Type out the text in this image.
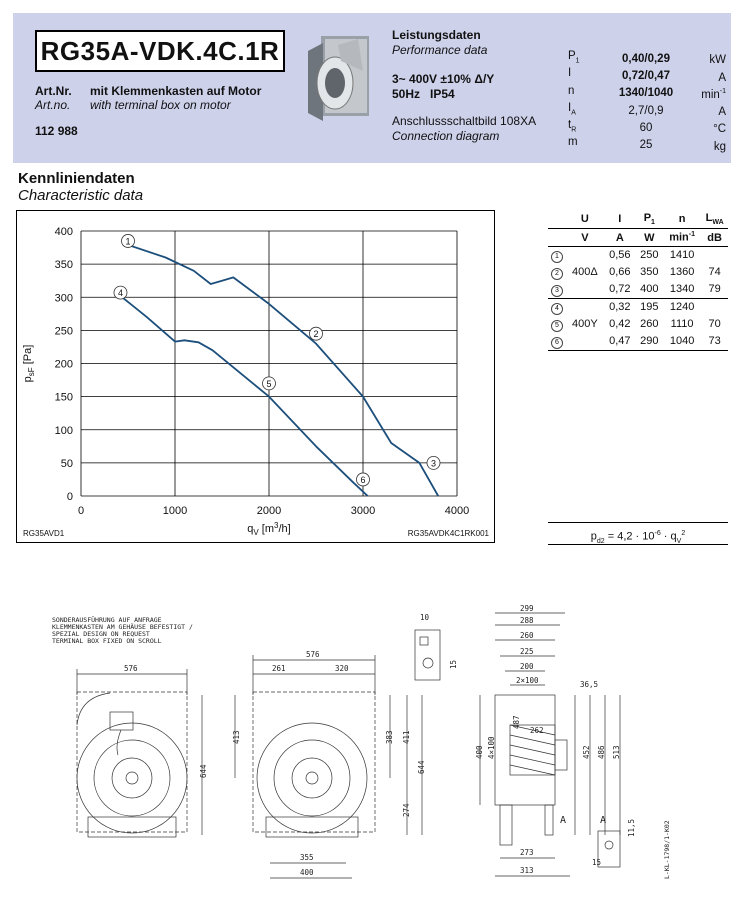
RG35A-VDK.4C.1R
Art.Nr. mit Klemmenkasten auf Motor
Art.no. with terminal box on motor
112 988
Leistungsdaten
Performance data
3~ 400V ±10% Δ/Y
50Hz IP54
Anschlussschaltbild 108XA
Connection diagram
$P_1$	0,40/0,29	kW
I	0,72/0,47	A
n	1340/1040	$\min^{-1}$
$I_A$	2,7/0,9	A
$t_R$	60	°C
m	25	kg
Kennliniendaten
Characteristic data
0
50
100
150
200
250
300
350
400
0	1000	2000	3000	4000
$q_V$ $[m^3/h]$
$p_{sF}$ [Pa]
RG35AVD1	RG35AVDK4C1RK001
1
2
3
4
5
6
	U	I	$P_1$	n	$L_{WA}$
	V	A	W	$\min^{-1}$	dB
1		0,56	250	1410	
2	400Δ	0,66	350	1360	74
3		0,72	400	1340	79
4		0,32	195	1240	
5	400Y	0,42	260	1110	70
6		0,47	290	1040	73
$p_{d2} = 4,2 \cdot 10^{-6} \cdot q_V^2$
SONDERAUSFÜHRUNG AUF ANFRAGE
KLEMMENKASTEN AM GEHÄUSE BEFESTIGT /
SPEZIAL DESIGN ON REQUEST
TERMINAL BOX FIXED ON SCROLL
644
576
576
261	320
413	383 411
644
274
355
400
299
288
260
225
200
2×100	36,5
400 4×100
487
262
452 486 513
273
313
10
15
11,5
15
A	A	L-KL-1798/1-K02
